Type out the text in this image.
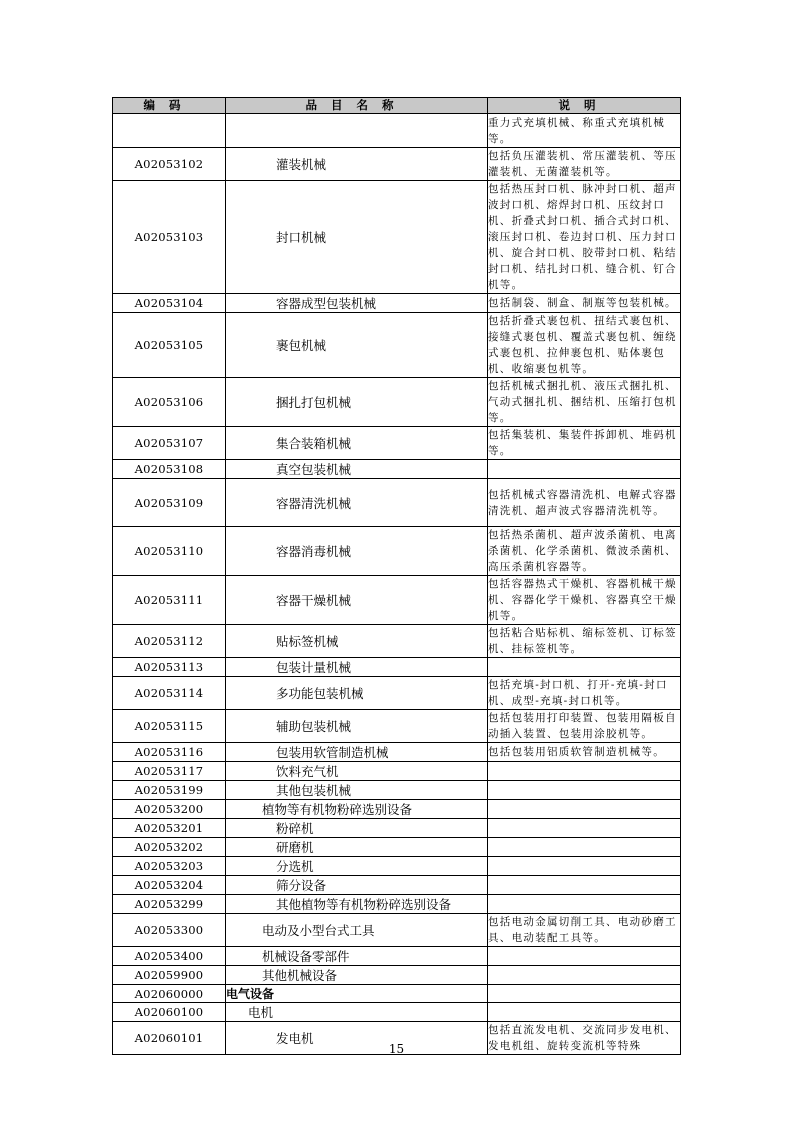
编码	品目名称	说明
		重力式充填机械、称重式充填机械等。
A02053102	灌装机械	包括负压灌装机、常压灌装机、等压灌装机、无菌灌装机等。
A02053103	封口机械	包括热压封口机、脉冲封口机、超声波封口机、熔焊封口机、压纹封口机、折叠式封口机、插合式封口机、滚压封口机、卷边封口机、压力封口机、旋合封口机、胶带封口机、粘结封口机、结扎封口机、缝合机、钉合机等。
A02053104	容器成型包装机械	包括制袋、制盒、制瓶等包装机械。
A02053105	裹包机械	包括折叠式裹包机、扭结式裹包机、接缝式裹包机、覆盖式裹包机、缠绕式裹包机、拉伸裹包机、贴体裹包机、收缩裹包机等。
A02053106	捆扎打包机械	包括机械式捆扎机、液压式捆扎机、气动式捆扎机、捆结机、压缩打包机等。
A02053107	集合装箱机械	包括集装机、集装件拆卸机、堆码机等。
A02053108	真空包装机械	
A02053109	容器清洗机械	包括机械式容器清洗机、电解式容器清洗机、超声波式容器清洗机等。
A02053110	容器消毒机械	包括热杀菌机、超声波杀菌机、电离杀菌机、化学杀菌机、微波杀菌机、高压杀菌机容器等。
A02053111	容器干燥机械	包括容器热式干燥机、容器机械干燥机、容器化学干燥机、容器真空干燥机等。
A02053112	贴标签机械	包括粘合贴标机、缩标签机、订标签机、挂标签机等。
A02053113	包装计量机械	
A02053114	多功能包装机械	包括充填-封口机、打开-充填-封口机、成型-充填-封口机等。
A02053115	辅助包装机械	包括包装用打印装置、包装用隔板自动插入装置、包装用涂胶机等。
A02053116	包装用软管制造机械	包括包装用铝质软管制造机械等。
A02053117	饮料充气机	
A02053199	其他包装机械	
A02053200	植物等有机物粉碎选别设备	
A02053201	粉碎机	
A02053202	研磨机	
A02053203	分选机	
A02053204	筛分设备	
A02053299	其他植物等有机物粉碎选别设备	
A02053300	电动及小型台式工具	包括电动金属切削工具、电动砂磨工具、电动装配工具等。
A02053400	机械设备零部件	
A02059900	其他机械设备	
A02060000	电气设备	
A02060100	电机	
A02060101	发电机	包括直流发电机、交流同步发电机、发电机组、旋转变流机等特殊
15
